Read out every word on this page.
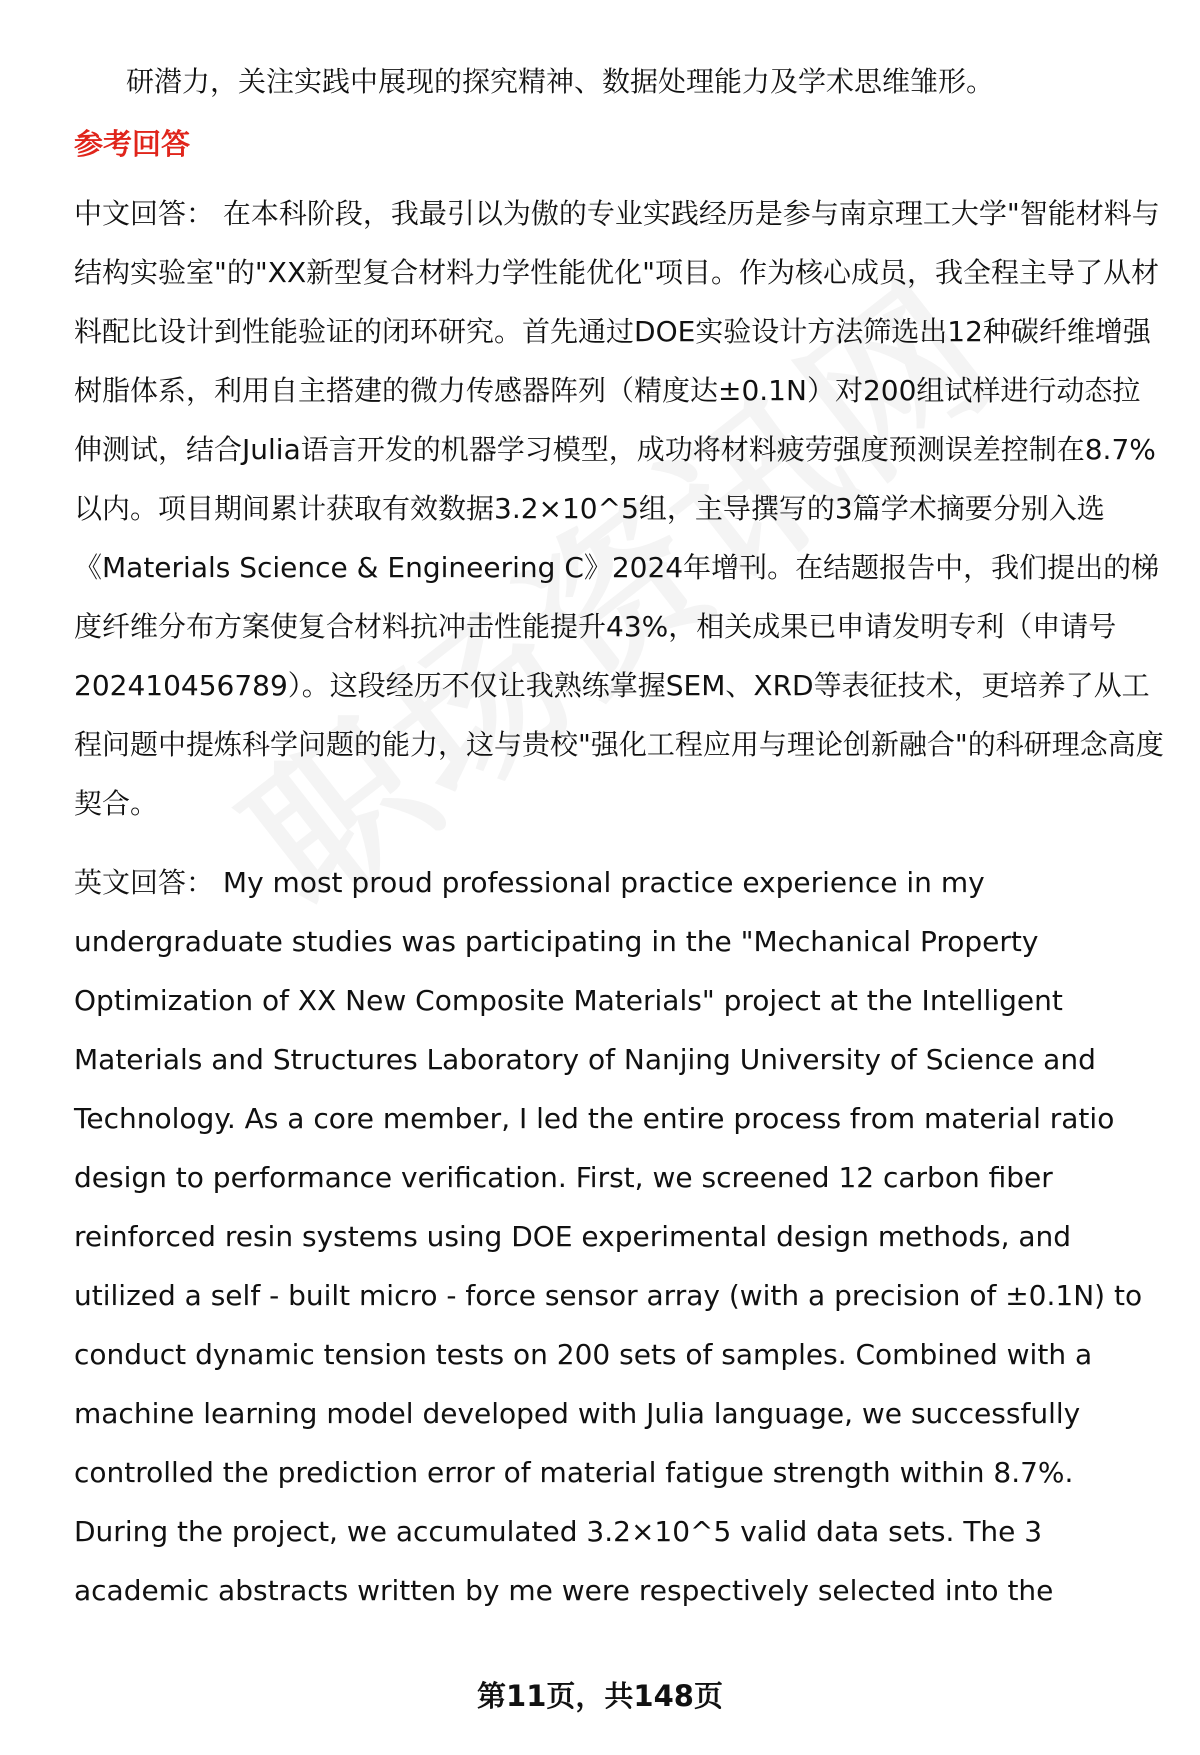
研潜力，关注实践中展现的探究精神、数据处理能力及学术思维雏形。

参考回答

中文回答： 在本科阶段，我最引以为傲的专业实践经历是参与南京理工大学"智能材料与结构实验室"的"XX新型复合材料力学性能优化"项目。作为核心成员，我全程主导了从材料配比设计到性能验证的闭环研究。首先通过DOE实验设计方法筛选出12种碳纤维增强树脂体系，利用自主搭建的微力传感器阵列（精度达±0.1N）对200组试样进行动态拉伸测试，结合Julia语言开发的机器学习模型，成功将材料疲劳强度预测误差控制在8.7%以内。项目期间累计获取有效数据3.2×10^5组，主导撰写的3篇学术摘要分别入选《Materials Science & Engineering C》2024年增刊。在结题报告中，我们提出的梯度纤维分布方案使复合材料抗冲击性能提升43%，相关成果已申请发明专利（申请号202410456789）。这段经历不仅让我熟练掌握SEM、XRD等表征技术，更培养了从工程问题中提炼科学问题的能力，这与贵校"强化工程应用与理论创新融合"的科研理念高度契合。

英文回答： My most proud professional practice experience in my undergraduate studies was participating in the "Mechanical Property Optimization of XX New Composite Materials" project at the Intelligent Materials and Structures Laboratory of Nanjing University of Science and Technology. As a core member, I led the entire process from material ratio design to performance verification. First, we screened 12 carbon fiber reinforced resin systems using DOE experimental design methods, and utilized a self - built micro - force sensor array (with a precision of ±0.1N) to conduct dynamic tension tests on 200 sets of samples. Combined with a machine learning model developed with Julia language, we successfully controlled the prediction error of material fatigue strength within 8.7%. During the project, we accumulated 3.2×10^5 valid data sets. The 3 academic abstracts written by me were respectively selected into the

第11页，共148页
